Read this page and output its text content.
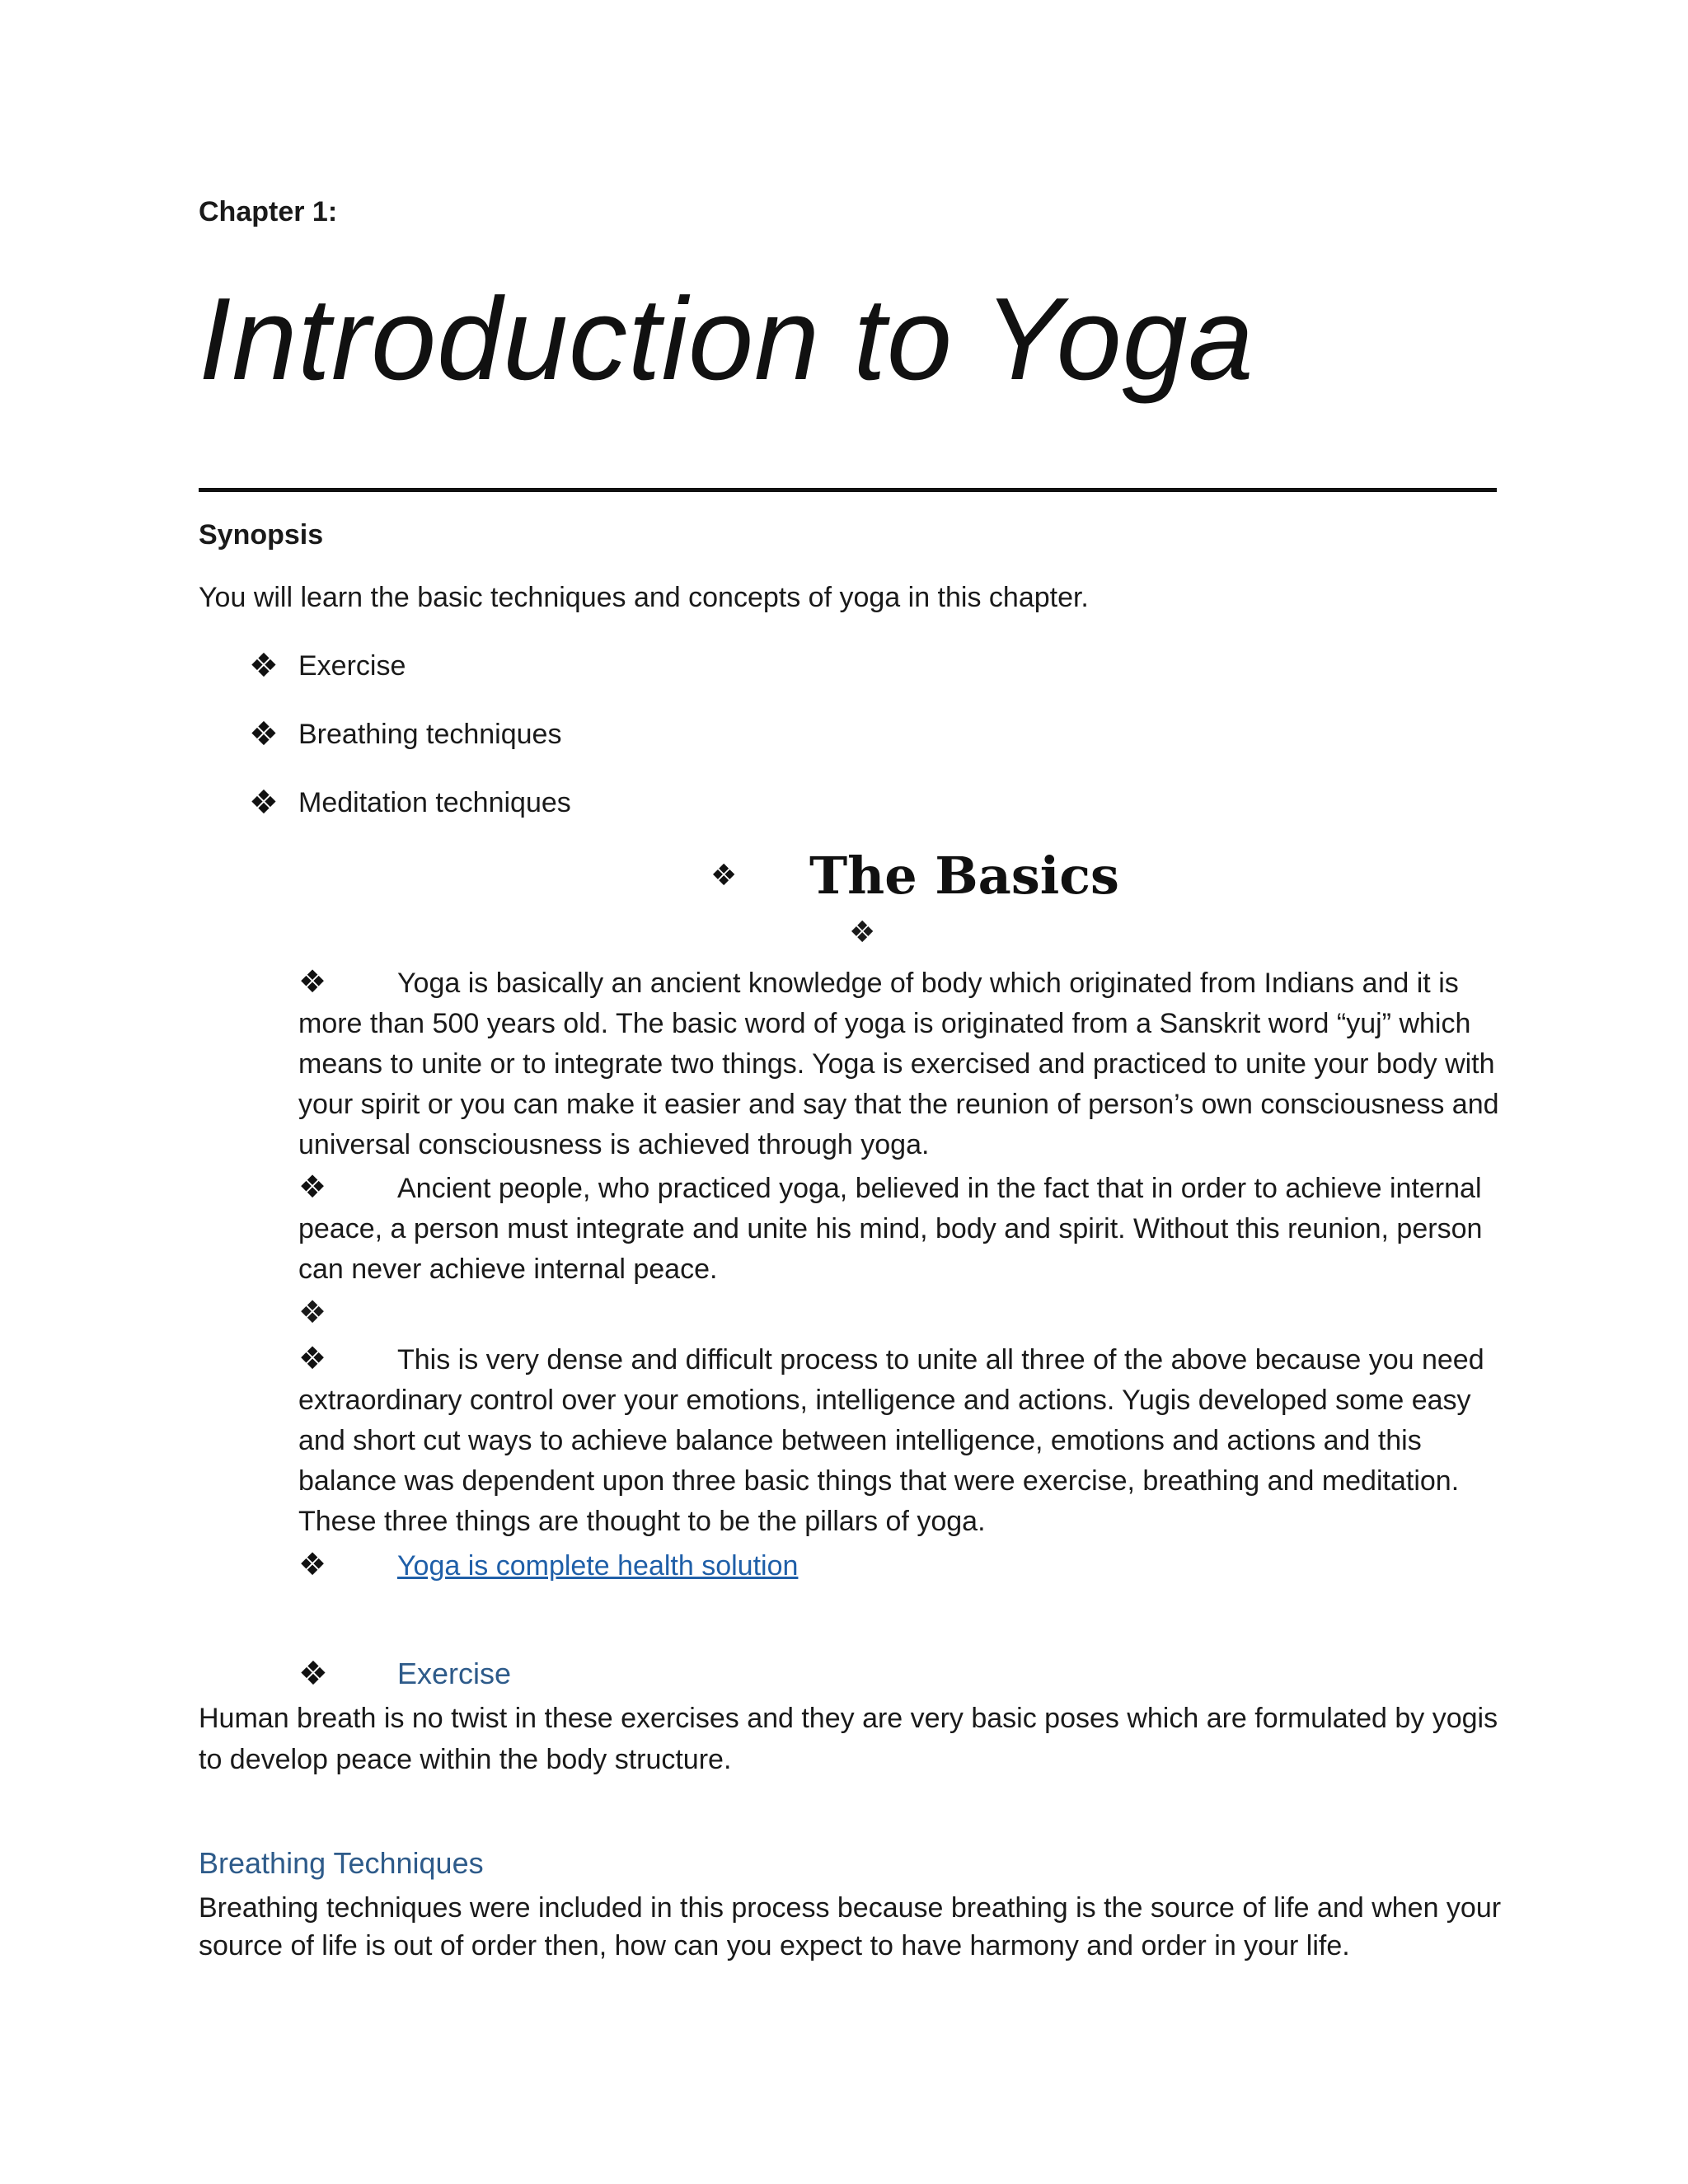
Chapter 1:
Introduction to Yoga
Synopsis
You will learn the basic techniques and concepts of yoga in this chapter.
❖ Exercise
❖ Breathing techniques
❖ Meditation techniques
❖	The Basics
❖
❖	Yoga is basically an ancient knowledge of body which originated from Indians and it is more than 500 years old. The basic word of yoga is originated from a Sanskrit word “yuj” which means to unite or to integrate two things. Yoga is exercised and practiced to unite your body with your spirit or you can make it easier and say that the reunion of person’s own consciousness and universal consciousness is achieved through yoga.
❖	Ancient people, who practiced yoga, believed in the fact that in order to achieve internal peace, a person must integrate and unite his mind, body and spirit. Without this reunion, person can never achieve internal peace.
❖
❖	This is very dense and difficult process to unite all three of the above because you need extraordinary control over your emotions, intelligence and actions. Yugis developed some easy and short cut ways to achieve balance between intelligence, emotions and actions and this balance was dependent upon three basic things that were exercise, breathing and meditation. These three things are thought to be the pillars of yoga.
❖	Yoga is complete health solution
❖	Exercise
Human breath is no twist in these exercises and they are very basic poses which are formulated by yogis to develop peace within the body structure.
Breathing Techniques
Breathing techniques were included in this process because breathing is the source of life and when your source of life is out of order then, how can you expect to have harmony and order in your life.
